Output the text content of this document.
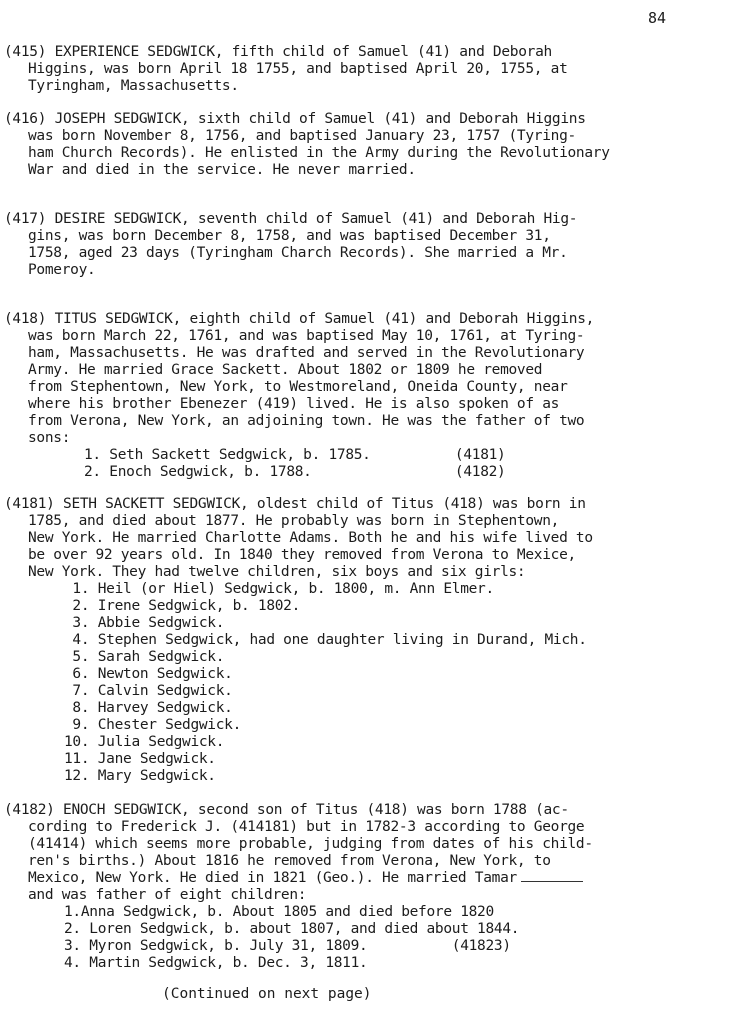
84

(415) EXPERIENCE SEDGWICK, fifth child of Samuel (41) and Deborah
Higgins, was born April 18 1755, and baptised April 20, 1755, at
Tyringham, Massachusetts.
(416) JOSEPH SEDGWICK, sixth child of Samuel (41) and Deborah Higgins
was born November 8, 1756, and baptised January 23, 1757 (Tyring-
ham Church Records). He enlisted in the Army during the Revolutionary
War and died in the service. He never married.
(417) DESIRE SEDGWICK, seventh child of Samuel (41) and Deborah Hig-
gins, was born December 8, 1758, and was baptised December 31,
1758, aged 23 days (Tyringham Charch Records). She married a Mr.
Pomeroy.
(418) TITUS SEDGWICK, eighth child of Samuel (41) and Deborah Higgins,
was born March 22, 1761, and was baptised May 10, 1761, at Tyring-
ham, Massachusetts. He was drafted and served in the Revolutionary
Army. He married Grace Sackett. About 1802 or 1809 he removed
from Stephentown, New York, to Westmoreland, Oneida County, near
where his brother Ebenezer (419) lived. He is also spoken of as
from Verona, New York, an adjoining town. He was the father of two
sons:
1. Seth Sackett Sedgwick, b. 1785.          (4181)
2. Enoch Sedgwick, b. 1788.                 (4182)
(4181) SETH SACKETT SEDGWICK, oldest child of Titus (418) was born in
1785, and died about 1877. He probably was born in Stephentown,
New York. He married Charlotte Adams. Both he and his wife lived to
be over 92 years old. In 1840 they removed from Verona to Mexice,
New York. They had twelve children, six boys and six girls:
1. Heil (or Hiel) Sedgwick, b. 1800, m. Ann Elmer.
2. Irene Sedgwick, b. 1802.
3. Abbie Sedgwick.
4. Stephen Sedgwick, had one daughter living in Durand, Mich.
5. Sarah Sedgwick.
6. Newton Sedgwick.
7. Calvin Sedgwick.
8. Harvey Sedgwick.
9. Chester Sedgwick.
10. Julia Sedgwick.
11. Jane Sedgwick.
12. Mary Sedgwick.
(4182) ENOCH SEDGWICK, second son of Titus (418) was born 1788 (ac-
cording to Frederick J. (414181) but in 1782-3 according to George
(41414) which seems more probable, judging from dates of his child-
ren's births.) About 1816 he removed from Verona, New York, to
Mexico, New York. He died in 1821 (Geo.). He married Tamar
and was father of eight children:
1.Anna Sedgwick, b. About 1805 and died before 1820
2. Loren Sedgwick, b. about 1807, and died about 1844.
3. Myron Sedgwick, b. July 31, 1809.          (41823)
4. Martin Sedgwick, b. Dec. 3, 1811.

(Continued on next page)
